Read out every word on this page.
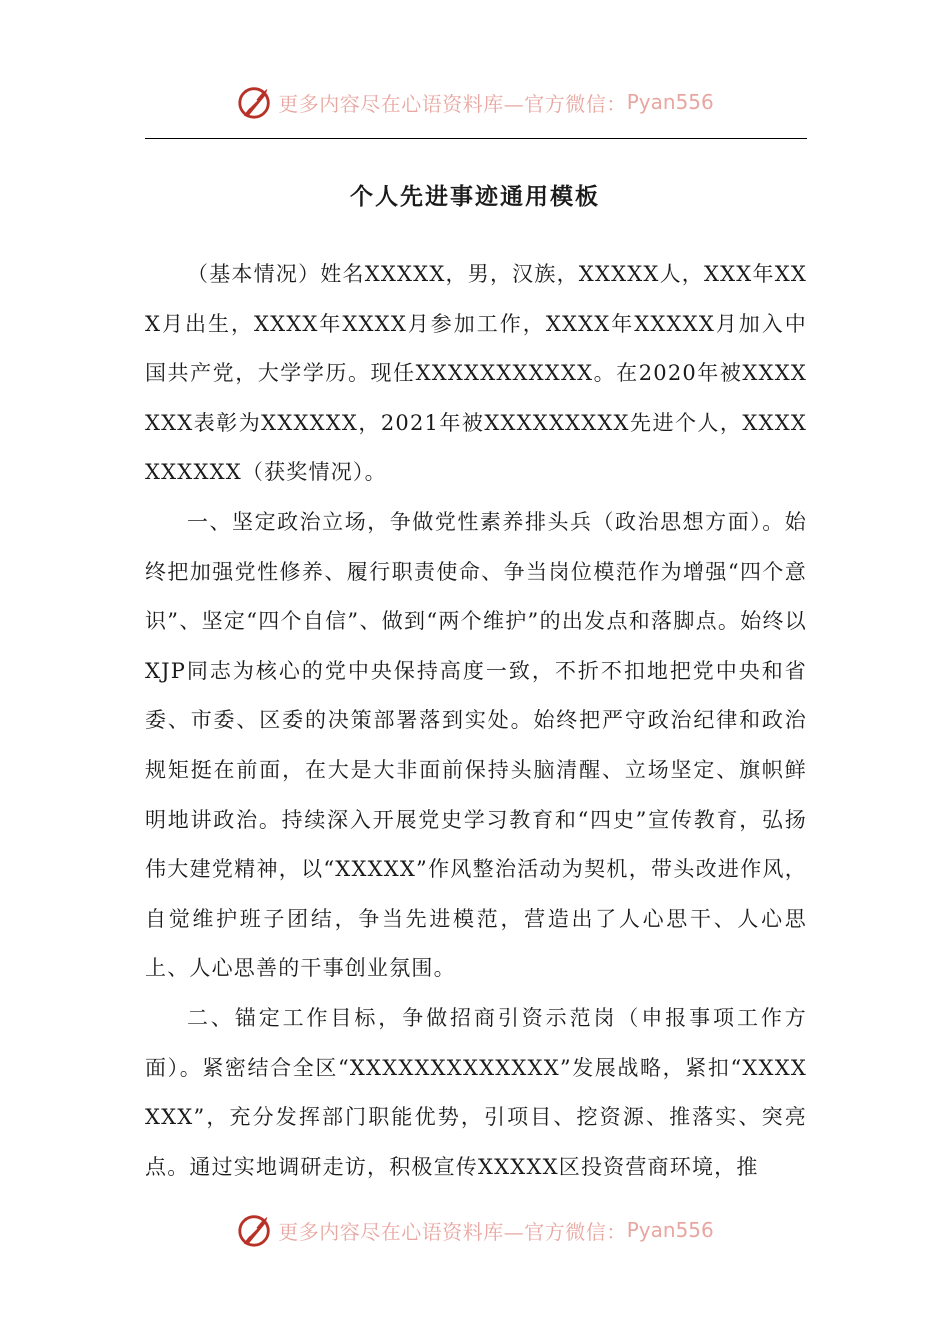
更多内容尽在心语资料库—官方微信： Pyan556
个人先进事迹通用模板

（基本情况）姓名XXXXX，男，汉族，XXXXX人，XXX年XXX月出生，XXXX年XXXX月参加工作，XXXX年XXXXX月加入中国共产党，大学学历。现任XXXXXXXXXXX。在2020年被XXXXXXX表彰为XXXXXX，2021年被XXXXXXXXX先进个人，XXXXXXXXXX（获奖情况）。

一、坚定政治立场，争做党性素养排头兵（政治思想方面）。始终把加强党性修养、履行职责使命、争当岗位模范作为增强“四个意识”、坚定“四个自信”、做到“两个维护”的出发点和落脚点。始终以XJP同志为核心的党中央保持高度一致，不折不扣地把党中央和省委、市委、区委的决策部署落到实处。始终把严守政治纪律和政治规矩挺在前面，在大是大非面前保持头脑清醒、立场坚定、旗帜鲜明地讲政治。持续深入开展党史学习教育和“四史”宣传教育，弘扬伟大建党精神，以“XXXXX”作风整治活动为契机，带头改进作风，自觉维护班子团结，争当先进模范，营造出了人心思干、人心思上、人心思善的干事创业氛围。

二、锚定工作目标，争做招商引资示范岗（申报事项工作方面）。紧密结合全区“XXXXXXXXXXXXX”发展战略，紧扣“XXXXXXX”，充分发挥部门职能优势，引项目、挖资源、推落实、突亮点。通过实地调研走访，积极宣传XXXXX区投资营商环境，推

更多内容尽在心语资料库—官方微信： Pyan556
